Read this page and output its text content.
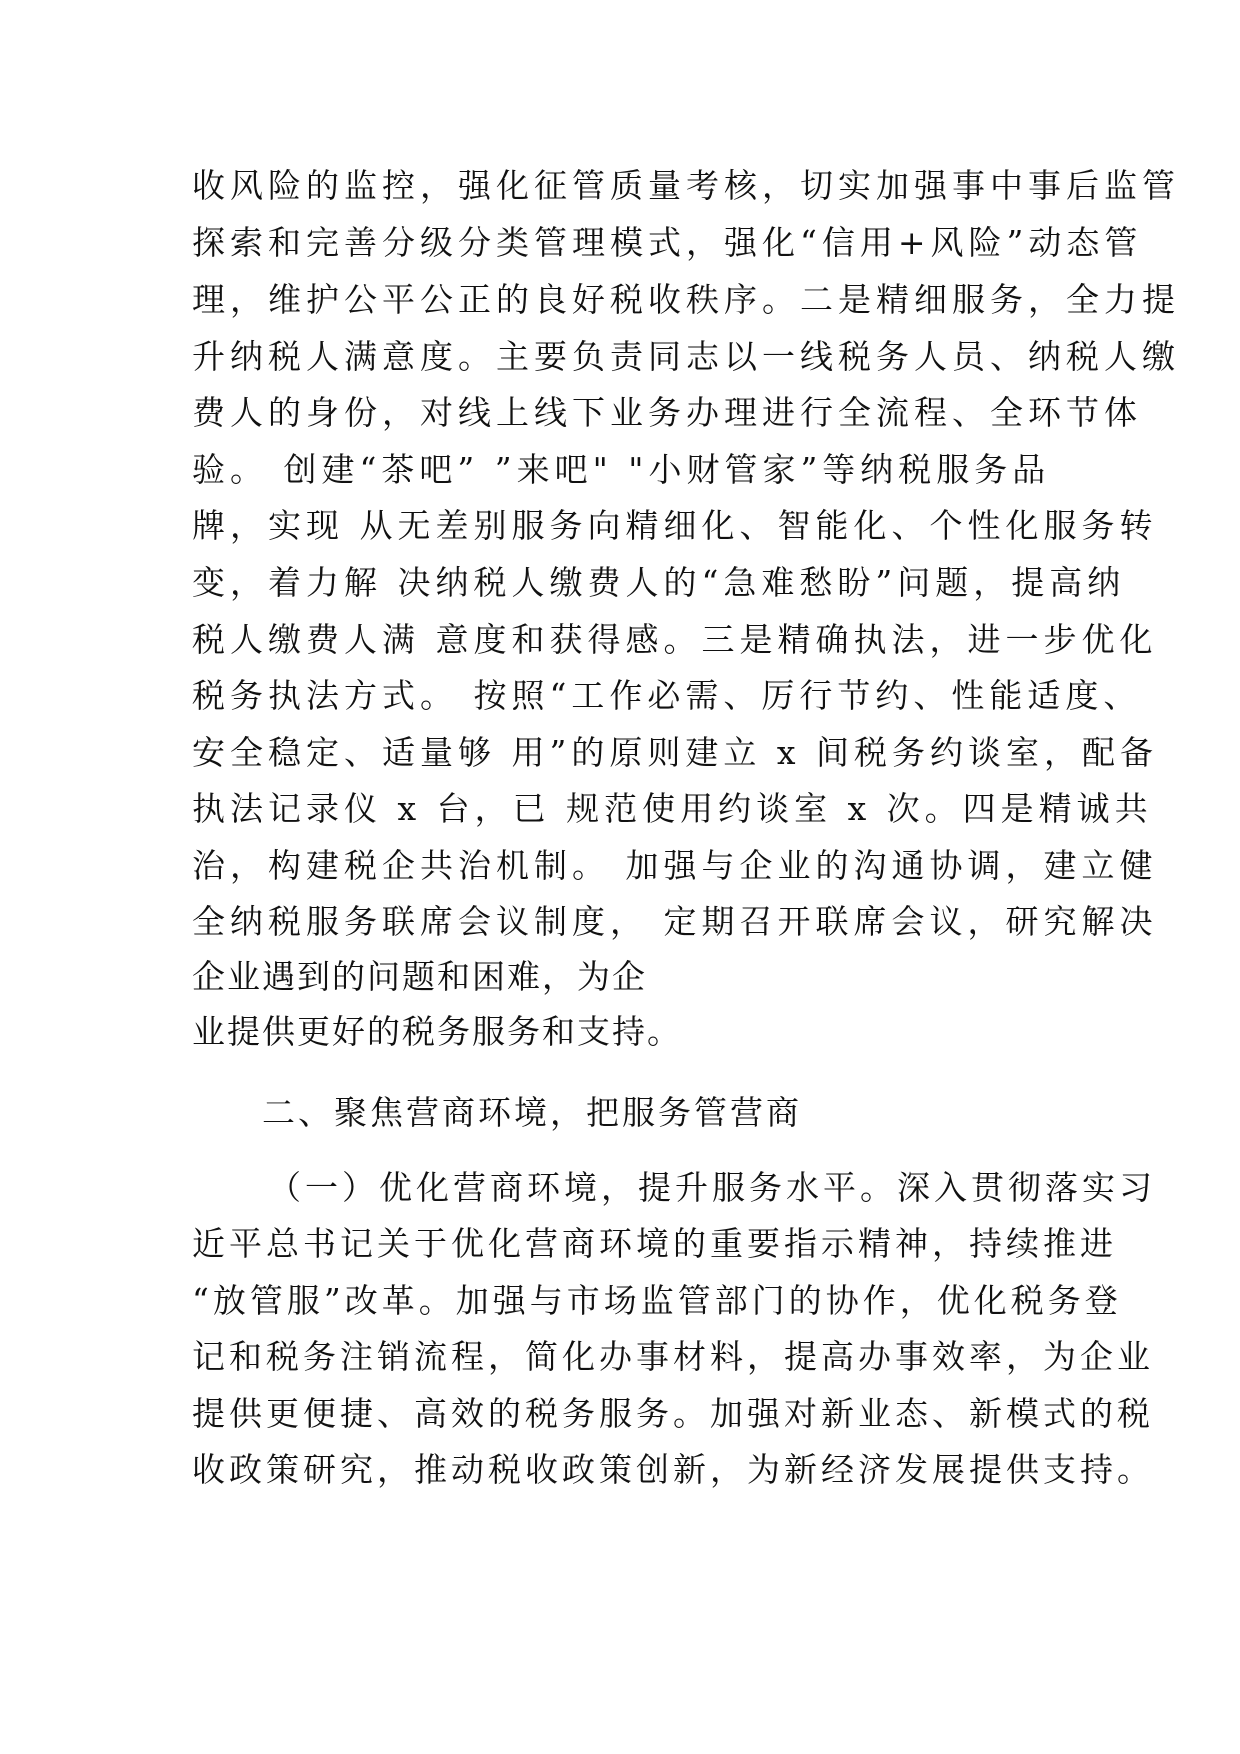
收风险的监控，强化征管质量考核，切实加强事中事后监管
探索和完善分级分类管理模式，强化“信用+风险”动态管
理，维护公平公正的良好税收秩序。二是精细服务，全力提
升纳税人满意度。主要负责同志以一线税务人员、纳税人缴
费人的身份，对线上线下业务办理进行全流程、全环节体
验。 创建“茶吧” ”来吧" "小财管家”等纳税服务品
牌，实现 从无差别服务向精细化、智能化、个性化服务转
变，着力解 决纳税人缴费人的“急难愁盼”问题，提高纳
税人缴费人满 意度和获得感。三是精确执法，进一步优化
税务执法方式。 按照“工作必需、厉行节约、性能适度、
安全稳定、适量够 用”的原则建立 x 间税务约谈室，配备
执法记录仪 x 台，已 规范使用约谈室 x 次。四是精诚共
治，构建税企共治机制。 加强与企业的沟通协调，建立健
全纳税服务联席会议制度， 定期召开联席会议，研究解决
企业遇到的问题和困难，为企
业提供更好的税务服务和支持。
二、聚焦营商环境，把服务管营商
（一）优化营商环境，提升服务水平。深入贯彻落实习
近平总书记关于优化营商环境的重要指示精神，持续推进
“放管服”改革。加强与市场监管部门的协作，优化税务登
记和税务注销流程，简化办事材料，提高办事效率，为企业
提供更便捷、高效的税务服务。加强对新业态、新模式的税
收政策研究，推动税收政策创新，为新经济发展提供支持。
